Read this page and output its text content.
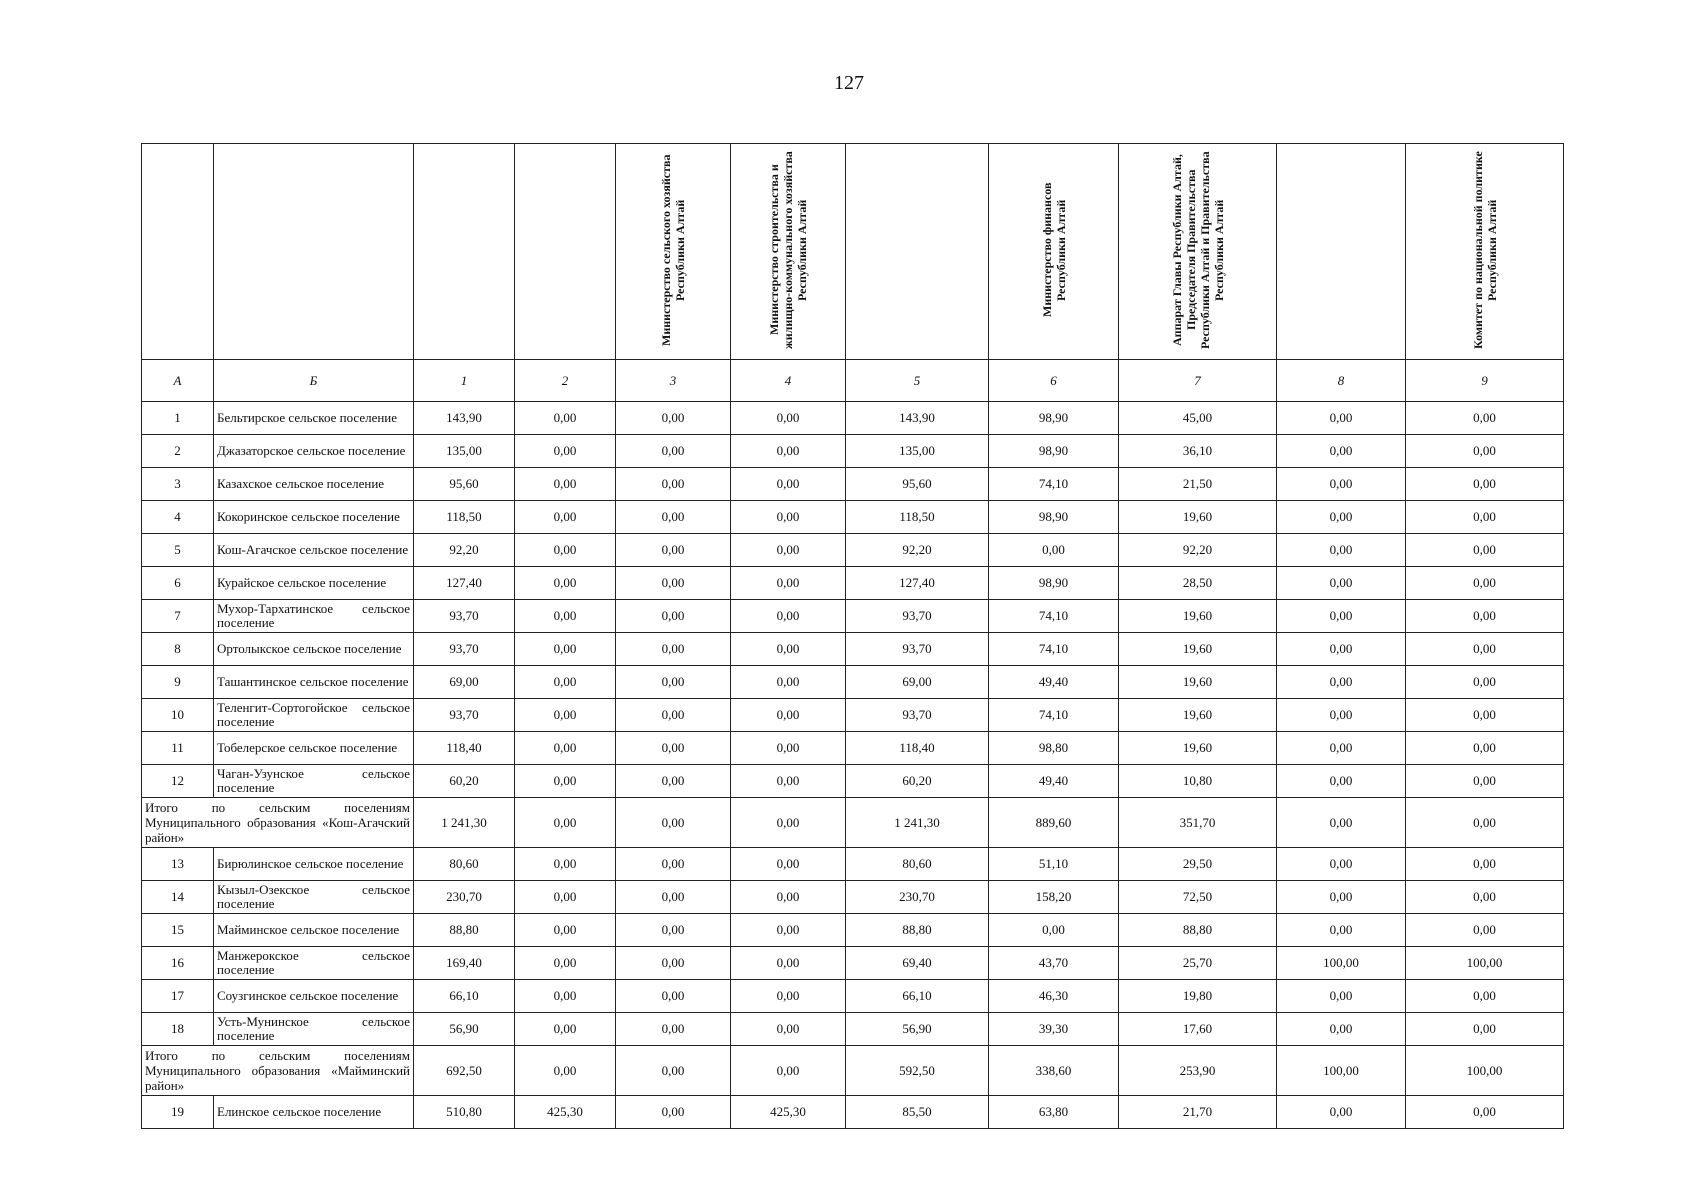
127
				Министерство сельского хозяйства Республики Алтай	Министерство строительства и жилищно-коммунального хозяйства Республики Алтай		Министерство финансов Республики Алтай	Аппарат Главы Республики Алтай, Председателя Правительства Республики Алтай и Правительства Республики Алтай		Комитет по национальной политике Республики Алтай
А	Б	1	2	3	4	5	6	7	8	9
1	Бельтирское сельское поселение	143,90	0,00	0,00	0,00	143,90	98,90	45,00	0,00	0,00
2	Джазаторское сельское поселение	135,00	0,00	0,00	0,00	135,00	98,90	36,10	0,00	0,00
3	Казахское сельское поселение	95,60	0,00	0,00	0,00	95,60	74,10	21,50	0,00	0,00
4	Кокоринское сельское поселение	118,50	0,00	0,00	0,00	118,50	98,90	19,60	0,00	0,00
5	Кош-Агачское сельское поселение	92,20	0,00	0,00	0,00	92,20	0,00	92,20	0,00	0,00
6	Курайское сельское поселение	127,40	0,00	0,00	0,00	127,40	98,90	28,50	0,00	0,00
7	Мухор-Тархатинское сельское поселение	93,70	0,00	0,00	0,00	93,70	74,10	19,60	0,00	0,00
8	Ортолыкское сельское поселение	93,70	0,00	0,00	0,00	93,70	74,10	19,60	0,00	0,00
9	Ташантинское сельское поселение	69,00	0,00	0,00	0,00	69,00	49,40	19,60	0,00	0,00
10	Теленгит-Сортогойское сельское поселение	93,70	0,00	0,00	0,00	93,70	74,10	19,60	0,00	0,00
11	Тобелерское сельское поселение	118,40	0,00	0,00	0,00	118,40	98,80	19,60	0,00	0,00
12	Чаган-Узунское сельское поселение	60,20	0,00	0,00	0,00	60,20	49,40	10,80	0,00	0,00
Итого по сельским поселениям Муниципального образования «Кош-Агачский район»		1 241,30	0,00	0,00	0,00	1 241,30	889,60	351,70	0,00	0,00
13	Бирюлинское сельское поселение	80,60	0,00	0,00	0,00	80,60	51,10	29,50	0,00	0,00
14	Кызыл-Озекское сельское поселение	230,70	0,00	0,00	0,00	230,70	158,20	72,50	0,00	0,00
15	Майминское сельское поселение	88,80	0,00	0,00	0,00	88,80	0,00	88,80	0,00	0,00
16	Манжерокское сельское поселение	169,40	0,00	0,00	0,00	69,40	43,70	25,70	100,00	100,00
17	Соузгинское сельское поселение	66,10	0,00	0,00	0,00	66,10	46,30	19,80	0,00	0,00
18	Усть-Мунинское сельское поселение	56,90	0,00	0,00	0,00	56,90	39,30	17,60	0,00	0,00
Итого по сельским поселениям Муниципального образования «Майминский район»		692,50	0,00	0,00	0,00	592,50	338,60	253,90	100,00	100,00
19	Елинское сельское поселение	510,80	425,30	0,00	425,30	85,50	63,80	21,70	0,00	0,00
